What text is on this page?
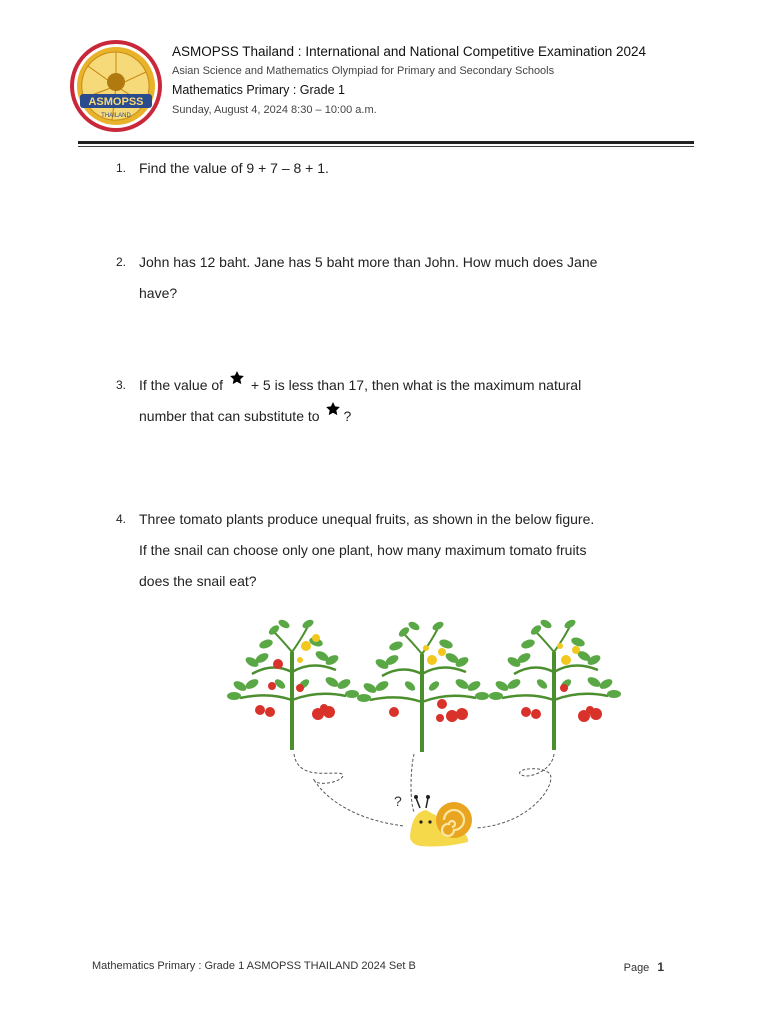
ASMOPSS
THAILAND
ASMOPSS Thailand : International and National Competitive Examination 2024
Asian Science and Mathematics Olympiad for Primary and Secondary Schools
Mathematics Primary : Grade 1
Sunday, August 4, 2024 8:30 – 10:00 a.m.
1. Find the value of 9 + 7 – 8 + 1.
2. John has 12 baht. Jane has 5 baht more than John. How much does Jane
have?
3. If the value of  + 5 is less than 17, then what is the maximum natural
number that can substitute to ?
4. Three tomato plants produce unequal fruits, as shown in the below figure.
If the snail can choose only one plant, how many maximum tomato fruits
does the snail eat?
?
Mathematics Primary : Grade 1 ASMOPSS THAILAND 2024 Set B	Page 1
